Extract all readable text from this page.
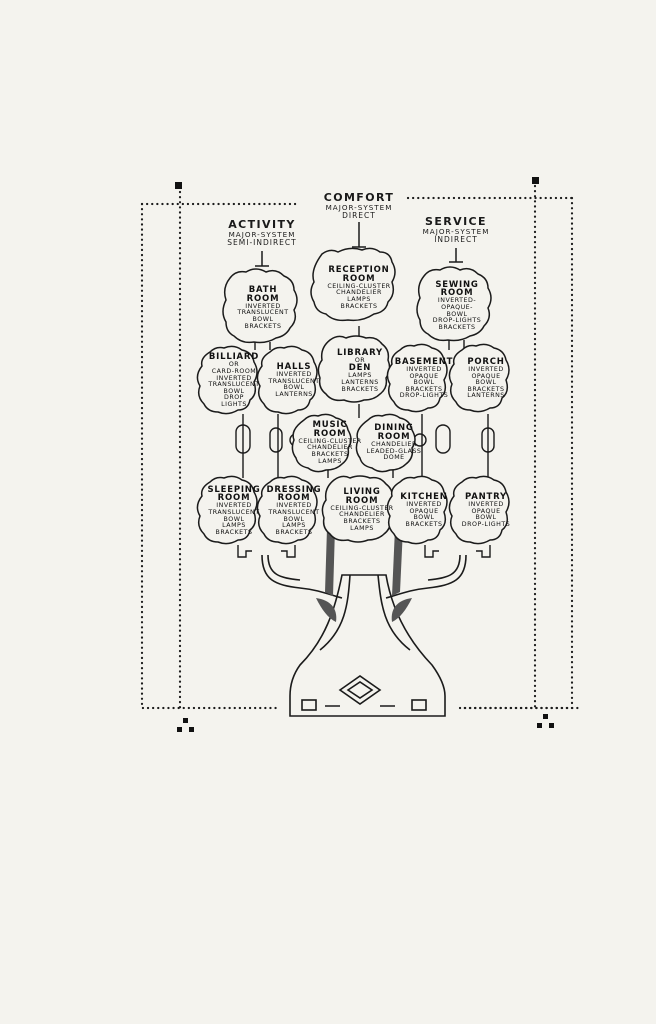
COMFORT
MAJOR-SYSTEM
DIRECT
ACTIVITY
MAJOR-SYSTEM
SEMI-INDIRECT
SERVICE
MAJOR-SYSTEM
INDIRECT
RECEPTION
ROOM
CEILING-CLUSTER
CHANDELIER
LAMPS
BRACKETS
BATH
ROOM
INVERTED
TRANSLUCENT
BOWL
BRACKETS
SEWING
ROOM
INVERTED-
OPAQUE-
BOWL
DROP-LIGHTS
BRACKETS
LIBRARY
OR
DEN
LAMPS
LANTERNS
BRACKETS
BILLIARD
OR
CARD-ROOM
INVERTED
TRANSLUCENT
BOWL
DROP
LIGHTS
HALLS
INVERTED
TRANSLUCENT
BOWL
LANTERNS
BASEMENT
INVERTED
OPAQUE
BOWL
BRACKETS
DROP-LIGHTS
PORCH
INVERTED
OPAQUE
BOWL
BRACKETS
LANTERNS
MUSIC
ROOM
CEILING-CLUSTER
CHANDELIER
BRACKETS
LAMPS
DINING
ROOM
CHANDELIER
LEADED-GLASS
DOME
SLEEPING
ROOM
INVERTED
TRANSLUCENT
BOWL
LAMPS
BRACKETS
DRESSING
ROOM
INVERTED
TRANSLUCENT
BOWL
LAMPS
BRACKETS
LIVING
ROOM
CEILING-CLUSTER
CHANDELIER
BRACKETS
LAMPS
KITCHEN
INVERTED
OPAQUE
BOWL
BRACKETS
PANTRY
INVERTED
OPAQUE
BOWL
DROP-LIGHTS
